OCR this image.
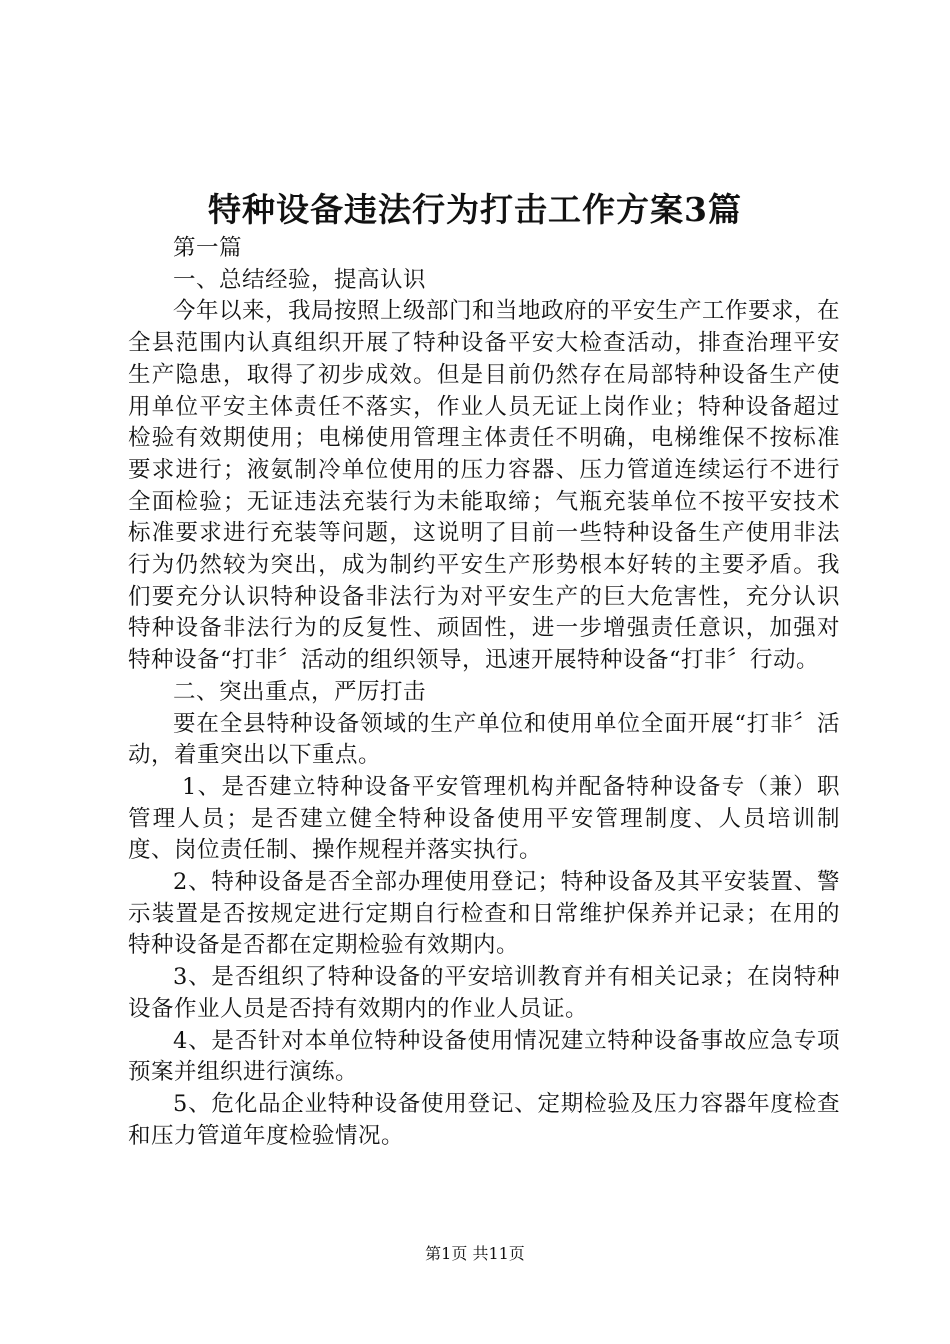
特种设备违法行为打击工作方案3篇

第一篇

一、总结经验，提高认识

今年以来，我局按照上级部门和当地政府的平安生产工作要求，在全县范围内认真组织开展了特种设备平安大检查活动，排查治理平安生产隐患，取得了初步成效。但是目前仍然存在局部特种设备生产使用单位平安主体责任不落实，作业人员无证上岗作业；特种设备超过检验有效期使用；电梯使用管理主体责任不明确，电梯维保不按标准要求进行；液氨制冷单位使用的压力容器、压力管道连续运行不进行全面检验；无证违法充装行为未能取缔；气瓶充装单位不按平安技术标准要求进行充装等问题，这说明了目前一些特种设备生产使用非法行为仍然较为突出，成为制约平安生产形势根本好转的主要矛盾。我们要充分认识特种设备非法行为对平安生产的巨大危害性，充分认识特种设备非法行为的反复性、顽固性，进一步增强责任意识，加强对特种设备“打非〞活动的组织领导，迅速开展特种设备“打非〞行动。

二、突出重点，严厉打击

要在全县特种设备领域的生产单位和使用单位全面开展“打非〞活动，着重突出以下重点。

1、是否建立特种设备平安管理机构并配备特种设备专（兼）职管理人员；是否建立健全特种设备使用平安管理制度、人员培训制度、岗位责任制、操作规程并落实执行。

2、特种设备是否全部办理使用登记；特种设备及其平安装置、警示装置是否按规定进行定期自行检查和日常维护保养并记录；在用的特种设备是否都在定期检验有效期内。

3、是否组织了特种设备的平安培训教育并有相关记录；在岗特种设备作业人员是否持有效期内的作业人员证。

4、是否针对本单位特种设备使用情况建立特种设备事故应急专项预案并组织进行演练。

5、危化品企业特种设备使用登记、定期检验及压力容器年度检查和压力管道年度检验情况。

第1页 共11页
